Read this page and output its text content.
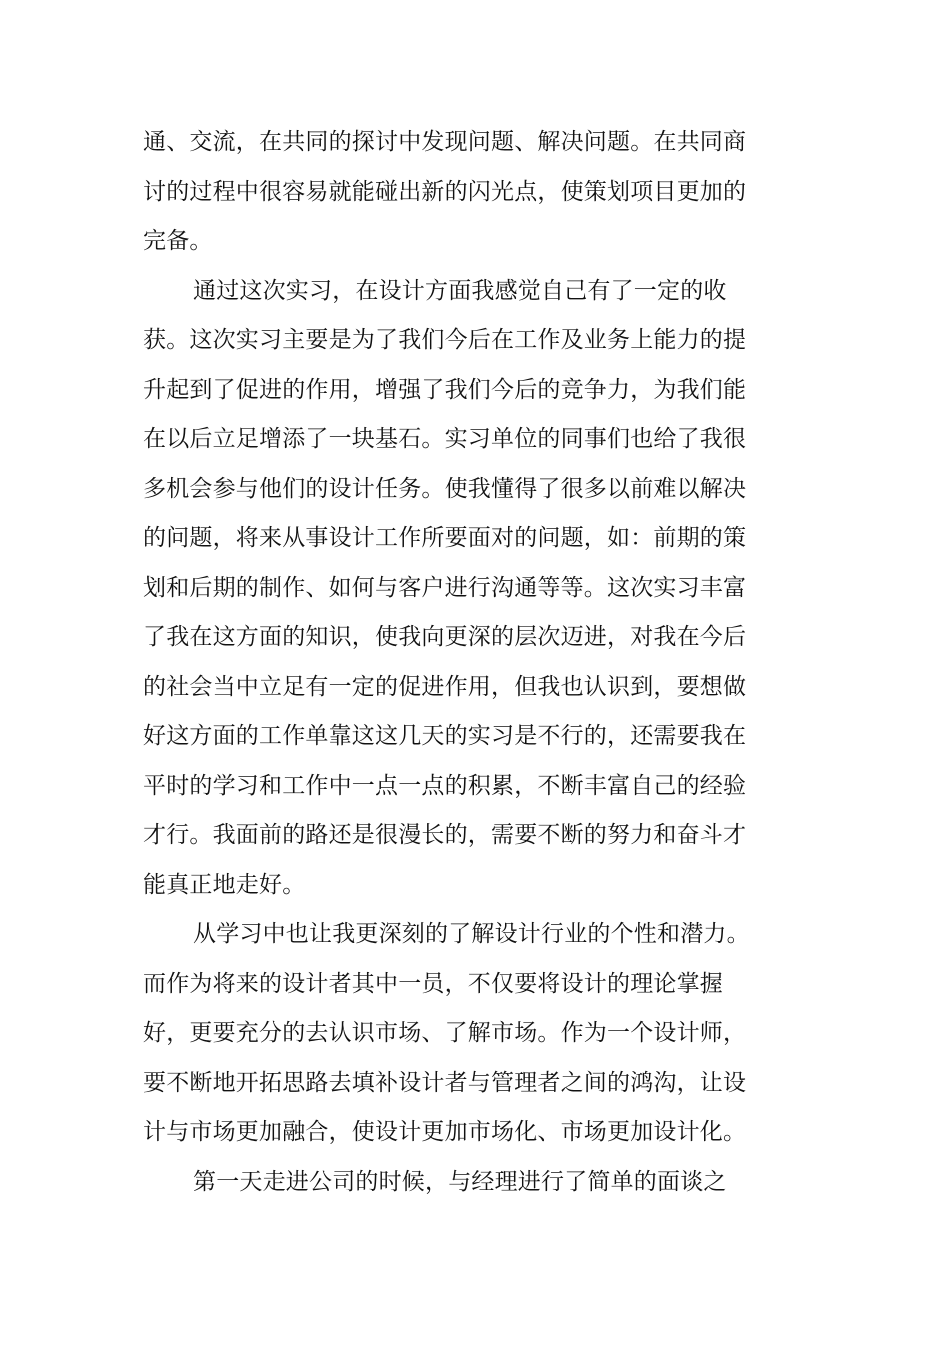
通、交流，在共同的探讨中发现问题、解决问题。在共同商
讨的过程中很容易就能碰出新的闪光点，使策划项目更加的
完备。
通过这次实习，在设计方面我感觉自己有了一定的收
获。这次实习主要是为了我们今后在工作及业务上能力的提
升起到了促进的作用，增强了我们今后的竞争力，为我们能
在以后立足增添了一块基石。实习单位的同事们也给了我很
多机会参与他们的设计任务。使我懂得了很多以前难以解决
的问题，将来从事设计工作所要面对的问题，如：前期的策
划和后期的制作、如何与客户进行沟通等等。这次实习丰富
了我在这方面的知识，使我向更深的层次迈进，对我在今后
的社会当中立足有一定的促进作用，但我也认识到，要想做
好这方面的工作单靠这这几天的实习是不行的，还需要我在
平时的学习和工作中一点一点的积累，不断丰富自己的经验
才行。我面前的路还是很漫长的，需要不断的努力和奋斗才
能真正地走好。
从学习中也让我更深刻的了解设计行业的个性和潜力。
而作为将来的设计者其中一员，不仅要将设计的理论掌握
好，更要充分的去认识市场、了解市场。作为一个设计师，
要不断地开拓思路去填补设计者与管理者之间的鸿沟，让设
计与市场更加融合，使设计更加市场化、市场更加设计化。
第一天走进公司的时候，与经理进行了简单的面谈之
